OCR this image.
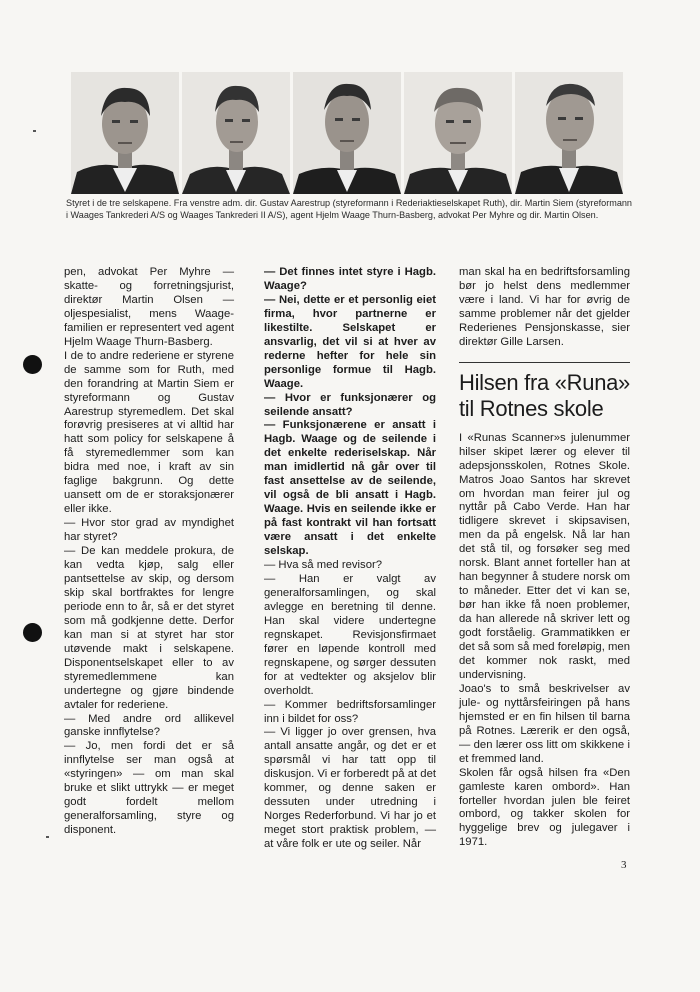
Styret i de tre selskapene. Fra venstre adm. dir. Gustav Aarestrup (styreformann i Rederiaktieselskapet Ruth), dir. Martin Siem (styreformann i Waages Tankrederi A/S og Waages Tankrederi II A/S), agent Hjelm Waage Thurn-Basberg, advokat Per Myhre og dir. Martin Olsen.

pen, advokat Per Myhre — skatte- og forretningsjurist, direktør Martin Olsen — oljespesialist, mens Waage-familien er representert ved agent Hjelm Waage Thurn-Basberg.
I de to andre rederiene er styrene de samme som for Ruth, med den forandring at Martin Siem er styreformann og Gustav Aarestrup styremedlem. Det skal forøvrig presiseres at vi alltid har hatt som policy for selskapene å få styremedlemmer som kan bidra med noe, i kraft av sin faglige bakgrunn. Og dette uansett om de er storaksjonærer eller ikke.
— Hvor stor grad av myndighet har styret?
— De kan meddele prokura, de kan vedta kjøp, salg eller pantsettelse av skip, og dersom skip skal bortfraktes for lengre periode enn to år, så er det styret som må godkjenne dette. Derfor kan man si at styret har stor utøvende makt i selskapene. Disponentselskapet eller to av styremedlemmene kan undertegne og gjøre bindende avtaler for rederiene.
— Med andre ord allikevel ganske innflytelse?
— Jo, men fordi det er så innflytelse ser man også at «styringen» — om man skal bruke et slikt uttrykk — er meget godt fordelt mellom generalforsamling, styre og disponent.

— Det finnes intet styre i Hagb. Waage?

— Nei, dette er et personlig eiet firma, hvor partnerne er likestilte. Selskapet er ansvarlig, det vil si at hver av rederne hefter for hele sin personlige formue til Hagb. Waage.

— Hvor er funksjonærer og seilende ansatt?

— Funksjonærene er ansatt i Hagb. Waage og de seilende i det enkelte rederiselskap. Når man imidlertid nå går over til fast ansettelse av de seilende, vil også de bli ansatt i Hagb. Waage. Hvis en seilende ikke er på fast kontrakt vil han fortsatt være ansatt i det enkelte selskap.

— Hva så med revisor?
— Han er valgt av generalforsamlingen, og skal avlegge en beretning til denne. Han skal videre undertegne regnskapet. Revisjonsfirmaet fører en løpende kontroll med regnskapene, og sørger dessuten for at vedtekter og aksjelov blir overholdt.
— Kommer bedriftsforsamlinger inn i bildet for oss?
— Vi ligger jo over grensen, hva antall ansatte angår, og det er et spørsmål vi har tatt opp til diskusjon. Vi er forberedt på at det kommer, og denne saken er dessuten under utredning i Norges Rederforbund. Vi har jo et meget stort praktisk problem, — at våre folk er ute og seiler. Når

man skal ha en bedriftsforsamling bør jo helst dens medlemmer være i land. Vi har for øvrig de samme problemer når det gjelder Rederienes Pensjonskasse, sier direktør Gille Larsen.

Hilsen fra «Runa» til Rotnes skole

I «Runas Scanner»s julenummer hilser skipet lærer og elever til adepsjonsskolen, Rotnes Skole. Matros Joao Santos har skrevet om hvordan man feirer jul og nyttår på Cabo Verde. Han har tidligere skrevet i skipsavisen, men da på engelsk. Nå lar han det stå til, og forsøker seg med norsk. Blant annet forteller han at han begynner å studere norsk om to måneder. Etter det vi kan se, bør han ikke få noen problemer, da han allerede nå skriver lett og godt forståelig. Grammatikken er det så som så med foreløpig, men det kommer nok raskt, med undervisning.
Joao's to små beskrivelser av jule- og nyttårsfeiringen på hans hjemsted er en fin hilsen til barna på Rotnes. Lærerik er den også, — den lærer oss litt om skikkene i et fremmed land.
Skolen får også hilsen fra «Den gamleste karen ombord». Han forteller hvordan julen ble feiret ombord, og takker skolen for hyggelige brev og julegaver i 1971.

3
